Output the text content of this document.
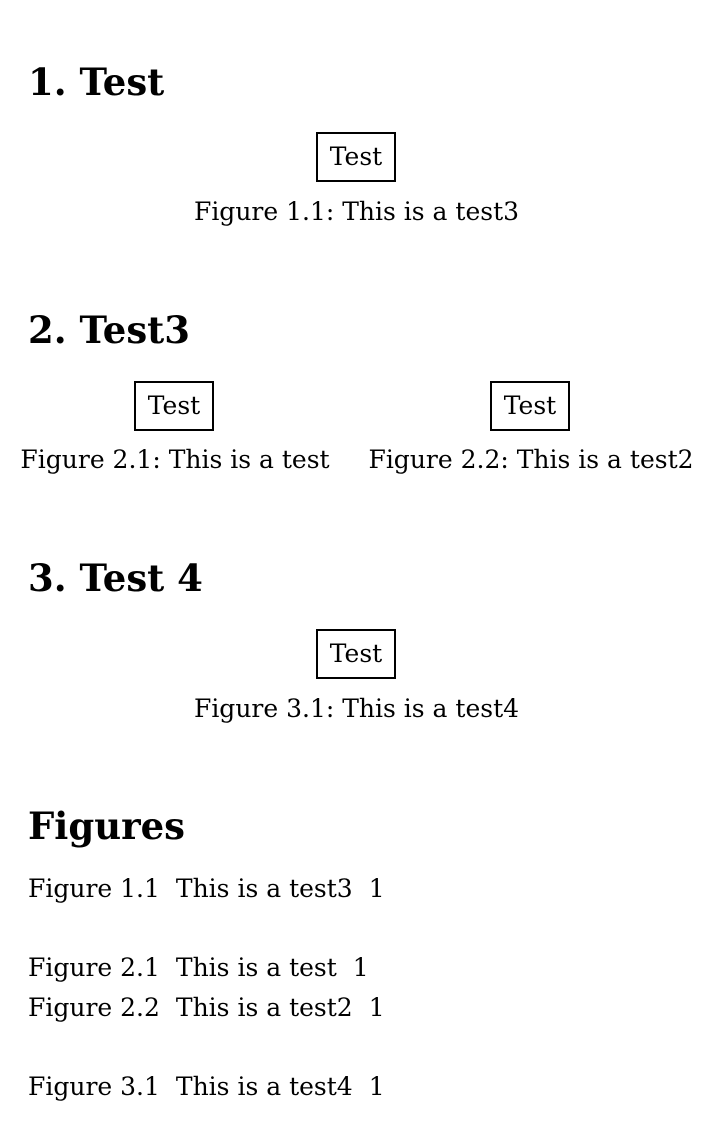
1. Test
Test

Figure 1.1: This is a test3

2. Test3
Test	Test

Figure 2.1: This is a test Figure 2.2: This is a test2

3. Test 4
Test

Figure 3.1: This is a test4

Figures
Figure 1.1 This is a test3 1
Figure 2.1 This is a test 1
Figure 2.2 This is a test2 1
Figure 3.1 This is a test4 1
